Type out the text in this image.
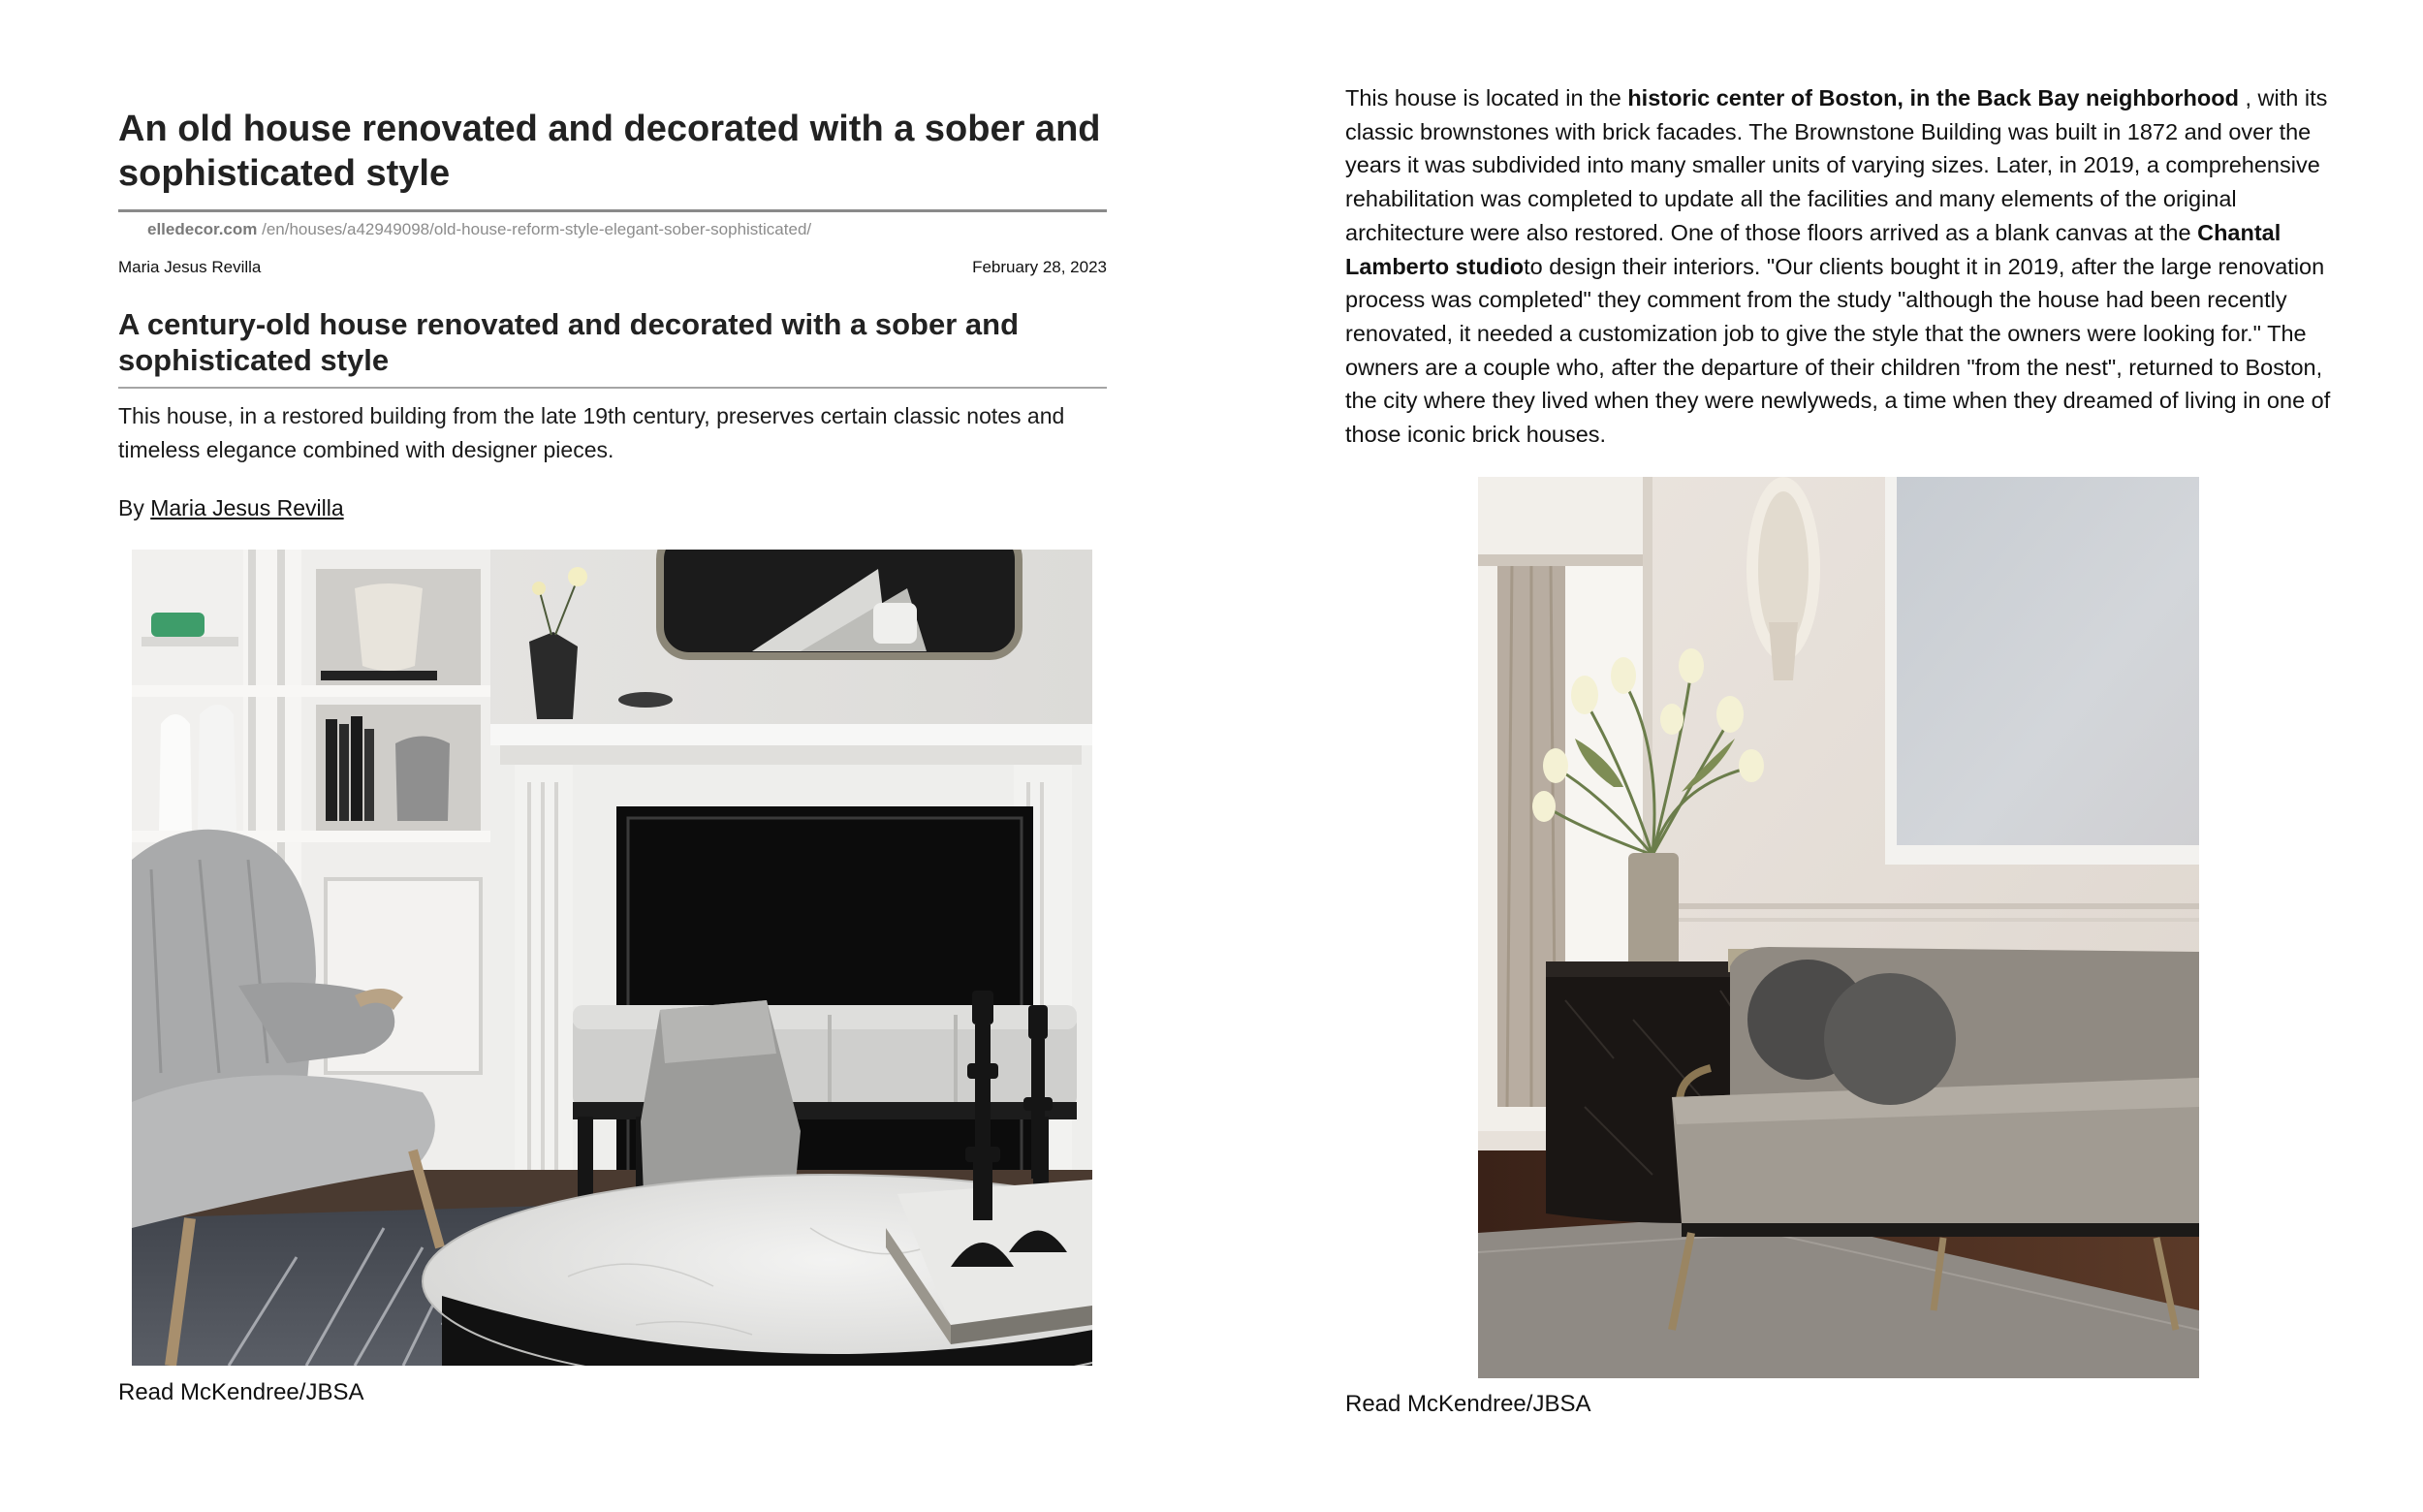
An old house renovated and decorated with a sober and sophisticated style
elledecor.com /en/houses/a42949098/old-house-reform-style-elegant-sober-sophisticated/
Maria Jesus Revilla	February 28, 2023
A century-old house renovated and decorated with a sober and sophisticated style

This house, in a restored building from the late 19th century, preserves certain classic notes and timeless elegance combined with designer pieces.

By Maria Jesus Revilla
Read McKendree/JBSA

This house is located in the historic center of Boston, in the Back Bay neighborhood , with its classic brownstones with brick facades. The Brownstone Building was built in 1872 and over the years it was subdivided into many smaller units of varying sizes. Later, in 2019, a comprehensive rehabilitation was completed to update all the facilities and many elements of the original architecture were also restored. One of those floors arrived as a blank canvas at the Chantal Lamberto studioto design their interiors. "Our clients bought it in 2019, after the large renovation process was completed" they comment from the study "although the house had been recently renovated, it needed a customization job to give the style that the owners were looking for." The owners are a couple who, after the departure of their children "from the nest", returned to Boston, the city where they lived when they were newlyweds, a time when they dreamed of living in one of those iconic brick houses.

Read McKendree/JBSA
